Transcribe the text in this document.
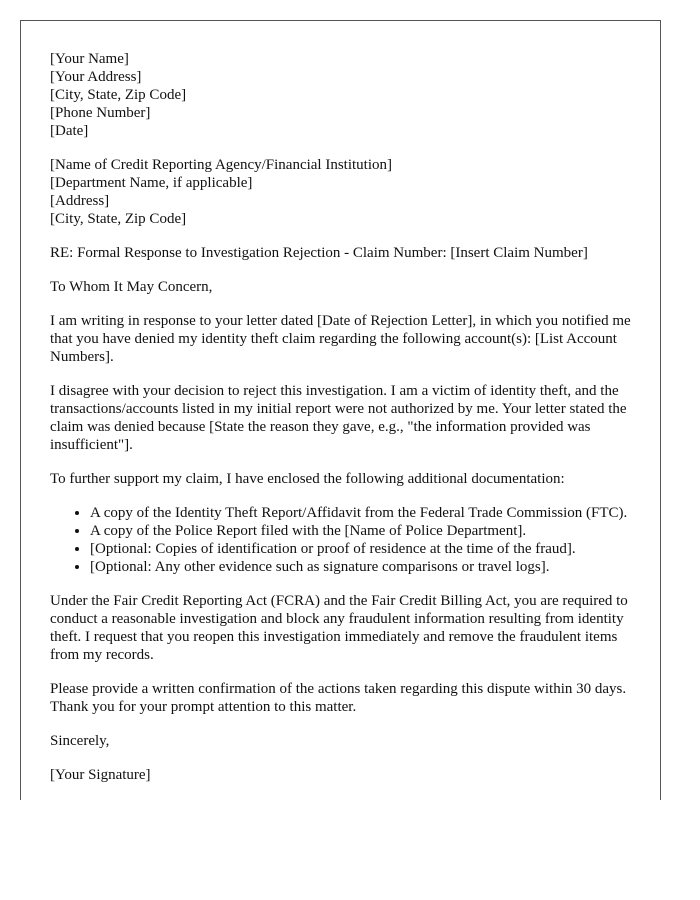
[Your Name]
[Your Address]
[City, State, Zip Code]
[Phone Number]
[Date]
[Name of Credit Reporting Agency/Financial Institution]
[Department Name, if applicable]
[Address]
[City, State, Zip Code]

RE: Formal Response to Investigation Rejection - Claim Number: [Insert Claim Number]

To Whom It May Concern,

I am writing in response to your letter dated [Date of Rejection Letter], in which you notified me that you have denied my identity theft claim regarding the following account(s): [List Account Numbers].

I disagree with your decision to reject this investigation. I am a victim of identity theft, and the transactions/accounts listed in my initial report were not authorized by me. Your letter stated the claim was denied because [State the reason they gave, e.g., "the information provided was insufficient"].

To further support my claim, I have enclosed the following additional documentation:

• A copy of the Identity Theft Report/Affidavit from the Federal Trade Commission (FTC).
• A copy of the Police Report filed with the [Name of Police Department].
• [Optional: Copies of identification or proof of residence at the time of the fraud].
• [Optional: Any other evidence such as signature comparisons or travel logs].

Under the Fair Credit Reporting Act (FCRA) and the Fair Credit Billing Act, you are required to conduct a reasonable investigation and block any fraudulent information resulting from identity theft. I request that you reopen this investigation immediately and remove the fraudulent items from my records.

Please provide a written confirmation of the actions taken regarding this dispute within 30 days. Thank you for your prompt attention to this matter.

Sincerely,

[Your Signature]
